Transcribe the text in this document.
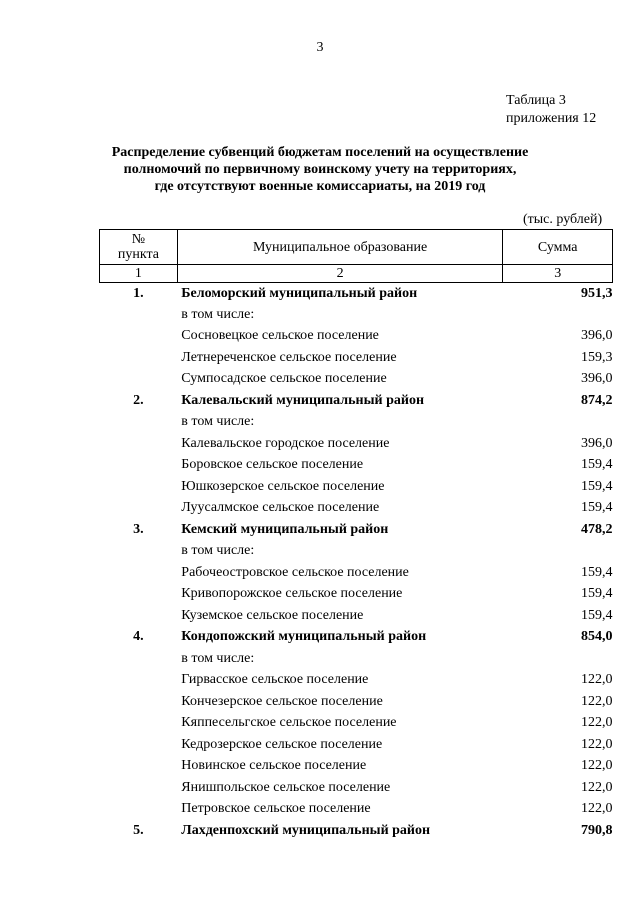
3
Таблица 3
приложения 12
Распределение субвенций бюджетам поселений на осуществление
полномочий по первичному воинскому учету на территориях,
где отсутствуют военные комиссариаты, на 2019 год
(тыс. рублей)
№
пункта	Муниципальное образование	Сумма
1	2	3
1.	Беломорский муниципальный район	951,3
	в том числе:	
	Сосновецкое сельское поселение	396,0
	Летнереченское сельское поселение	159,3
	Сумпосадское сельское поселение	396,0
2.	Калевальский муниципальный район	874,2
	в том числе:	
	Калевальское городское поселение	396,0
	Боровское сельское поселение	159,4
	Юшкозерское сельское поселение	159,4
	Луусалмское сельское поселение	159,4
3.	Кемский муниципальный район	478,2
	в том числе:	
	Рабочеостровское сельское поселение	159,4
	Кривопорожское сельское поселение	159,4
	Куземское сельское поселение	159,4
4.	Кондопожский муниципальный район	854,0
	в том числе:	
	Гирвасское сельское поселение	122,0
	Кончезерское сельское поселение	122,0
	Кяппесельгское сельское поселение	122,0
	Кедрозерское сельское поселение	122,0
	Новинское сельское поселение	122,0
	Янишпольское сельское поселение	122,0
	Петровское сельское поселение	122,0
5.	Лахденпохский муниципальный район	790,8
